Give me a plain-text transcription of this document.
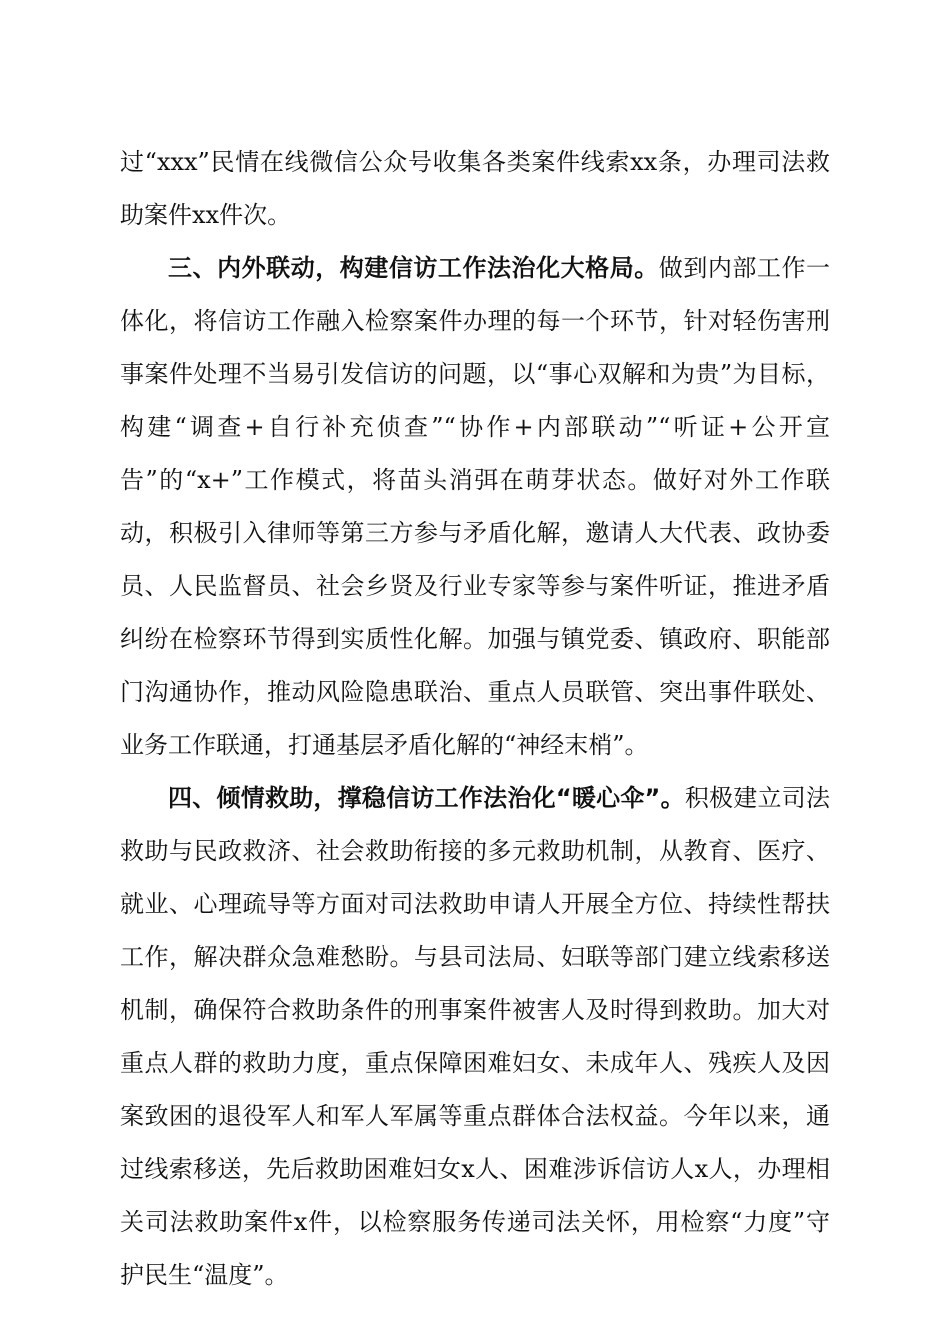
过“xxx”民情在线微信公众号收集各类案件线索xx条，办理司法救助案件xx件次。

三、内外联动，构建信访工作法治化大格局。做到内部工作一体化，将信访工作融入检察案件办理的每一个环节，针对轻伤害刑事案件处理不当易引发信访的问题，以“事心双解和为贵”为目标，构建“调查+自行补充侦查”“协作+内部联动”“听证+公开宣告”的“x+”工作模式，将苗头消弭在萌芽状态。做好对外工作联动，积极引入律师等第三方参与矛盾化解，邀请人大代表、政协委员、人民监督员、社会乡贤及行业专家等参与案件听证，推进矛盾纠纷在检察环节得到实质性化解。加强与镇党委、镇政府、职能部门沟通协作，推动风险隐患联治、重点人员联管、突出事件联处、业务工作联通，打通基层矛盾化解的“神经末梢”。

四、倾情救助，撑稳信访工作法治化“暖心伞”。积极建立司法救助与民政救济、社会救助衔接的多元救助机制，从教育、医疗、就业、心理疏导等方面对司法救助申请人开展全方位、持续性帮扶工作，解决群众急难愁盼。与县司法局、妇联等部门建立线索移送机制，确保符合救助条件的刑事案件被害人及时得到救助。加大对重点人群的救助力度，重点保障困难妇女、未成年人、残疾人及因案致困的退役军人和军人军属等重点群体合法权益。今年以来，通过线索移送，先后救助困难妇女x人、困难涉诉信访人x人，办理相关司法救助案件x件，以检察服务传递司法关怀，用检察“力度”守护民生“温度”。
